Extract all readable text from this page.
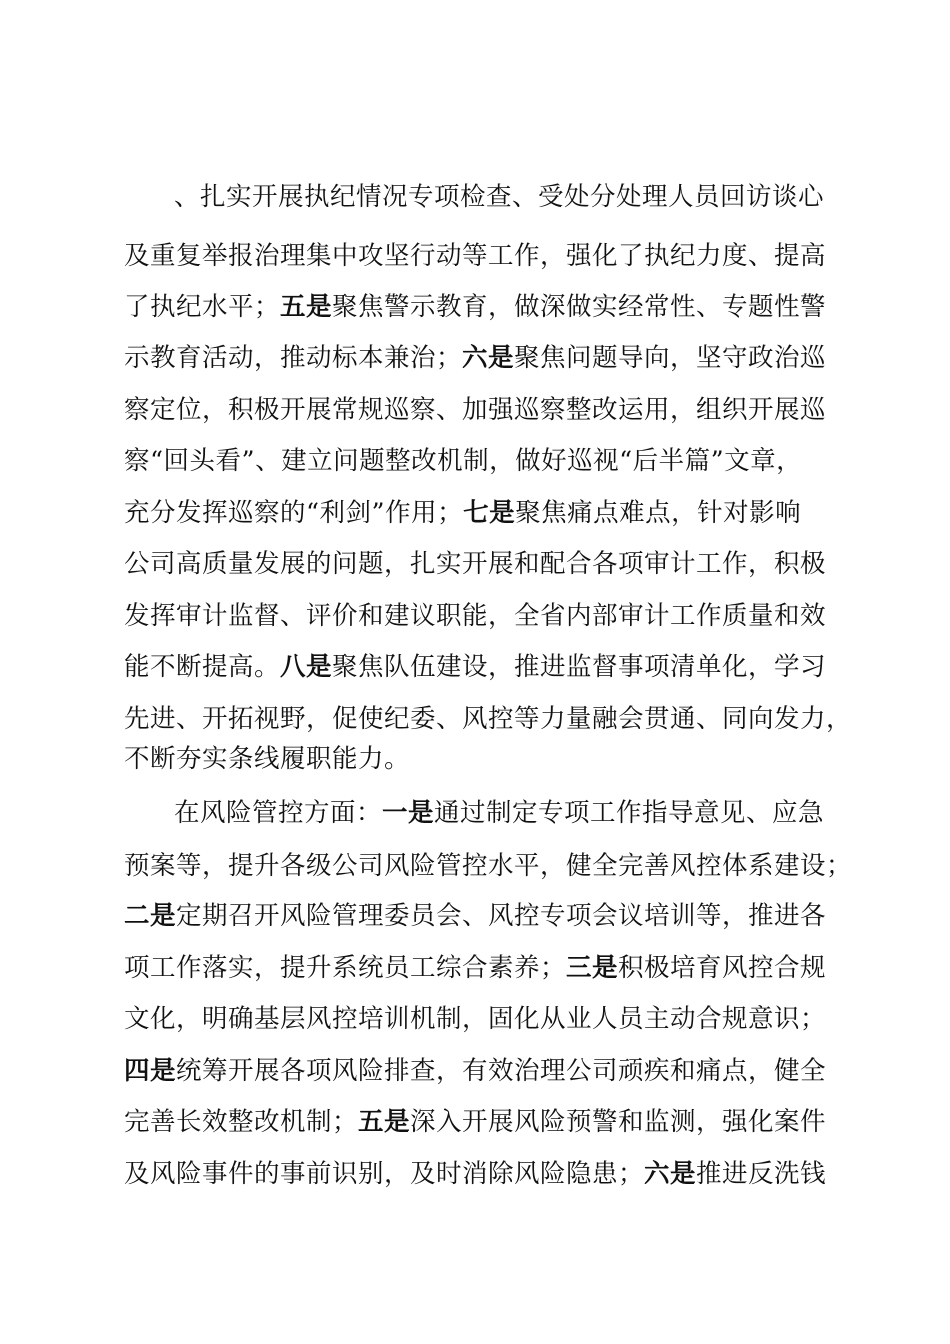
、扎实开展执纪情况专项检查、受处分处理人员回访谈心
及重复举报治理集中攻坚行动等工作，强化了执纪力度、提高
了执纪水平；五是聚焦警示教育，做深做实经常性、专题性警
示教育活动，推动标本兼治；六是聚焦问题导向，坚守政治巡
察定位，积极开展常规巡察、加强巡察整改运用，组织开展巡
察“回头看”、建立问题整改机制，做好巡视“后半篇”文章，
充分发挥巡察的“利剑”作用；七是聚焦痛点难点，针对影响
公司高质量发展的问题，扎实开展和配合各项审计工作，积极
发挥审计监督、评价和建议职能，全省内部审计工作质量和效
能不断提高。八是聚焦队伍建设，推进监督事项清单化，学习
先进、开拓视野，促使纪委、风控等力量融会贯通、同向发力，
不断夯实条线履职能力。
在风险管控方面：一是通过制定专项工作指导意见、应急
预案等，提升各级公司风险管控水平，健全完善风控体系建设；
二是定期召开风险管理委员会、风控专项会议培训等，推进各
项工作落实，提升系统员工综合素养；三是积极培育风控合规
文化，明确基层风控培训机制，固化从业人员主动合规意识；
四是统筹开展各项风险排查，有效治理公司顽疾和痛点，健全
完善长效整改机制；五是深入开展风险预警和监测，强化案件
及风险事件的事前识别，及时消除风险隐患；六是推进反洗钱
